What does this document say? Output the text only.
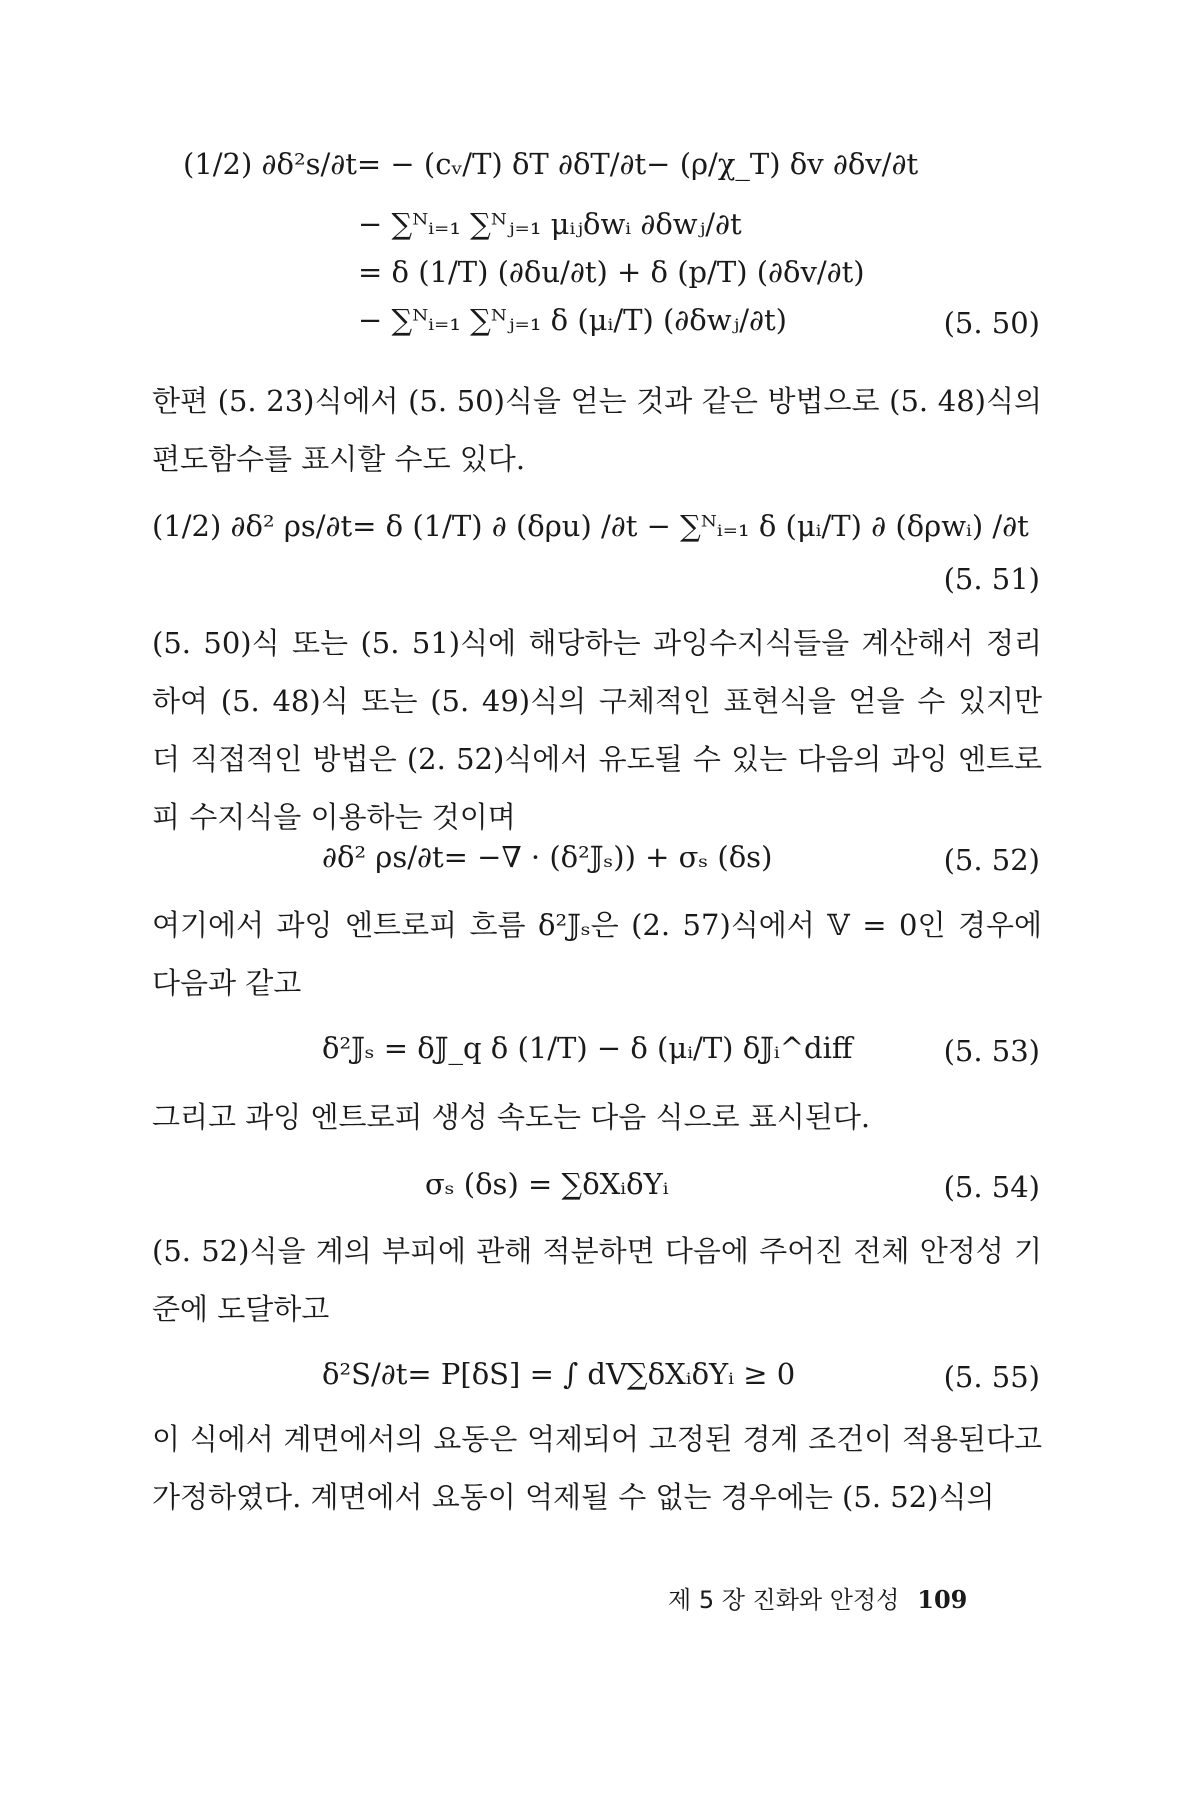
(1/2) ∂δ²s/∂t= − (cᵥ/T) δT ∂δT/∂t− (ρ/χ_T) δv ∂δv/∂t
− ∑ᴺᵢ₌₁ ∑ᴺⱼ₌₁ μᵢⱼδwᵢ ∂δwⱼ/∂t
= δ (1/T) (∂δu/∂t) + δ (p/T) (∂δv/∂t)
− ∑ᴺᵢ₌₁ ∑ᴺⱼ₌₁ δ (μᵢ/T) (∂δwⱼ/∂t)	(5. 50)

한편 (5. 23)식에서 (5. 50)식을 얻는 것과 같은 방법으로 (5. 48)식의 편도함수를 표시할 수도 있다.

(1/2) ∂δ² ρs/∂t= δ (1/T) ∂ (δρu) /∂t − ∑ᴺᵢ₌₁ δ (μᵢ/T) ∂ (δρwᵢ) /∂t
(5. 51)

(5. 50)식 또는 (5. 51)식에 해당하는 과잉수지식들을 계산해서 정리하여 (5. 48)식 또는 (5. 49)식의 구체적인 표현식을 얻을 수 있지만 더 직접적인 방법은 (2. 52)식에서 유도될 수 있는 다음의 과잉 엔트로피 수지식을 이용하는 것이며

∂δ² ρs/∂t= −∇ · (δ²𝕁ₛ)) + σₛ (δs)	(5. 52)

여기에서 과잉 엔트로피 흐름 δ²𝕁ₛ은 (2. 57)식에서 𝕍 = 0인 경우에 다음과 같고

δ²𝕁ₛ = δ𝕁_q δ (1/T) − δ (μᵢ/T) δ𝕁ᵢ^diff	(5. 53)

그리고 과잉 엔트로피 생성 속도는 다음 식으로 표시된다.

σₛ (δs) = ∑δXᵢδYᵢ	(5. 54)

(5. 52)식을 계의 부피에 관해 적분하면 다음에 주어진 전체 안정성 기준에 도달하고

δ²S/∂t= P[δS] = ∫ dV∑δXᵢδYᵢ ≥ 0	(5. 55)

이 식에서 계면에서의 요동은 억제되어 고정된 경계 조건이 적용된다고 가정하였다. 계면에서 요동이 억제될 수 없는 경우에는 (5. 52)식의

제 5 장 진화와 안정성 109
